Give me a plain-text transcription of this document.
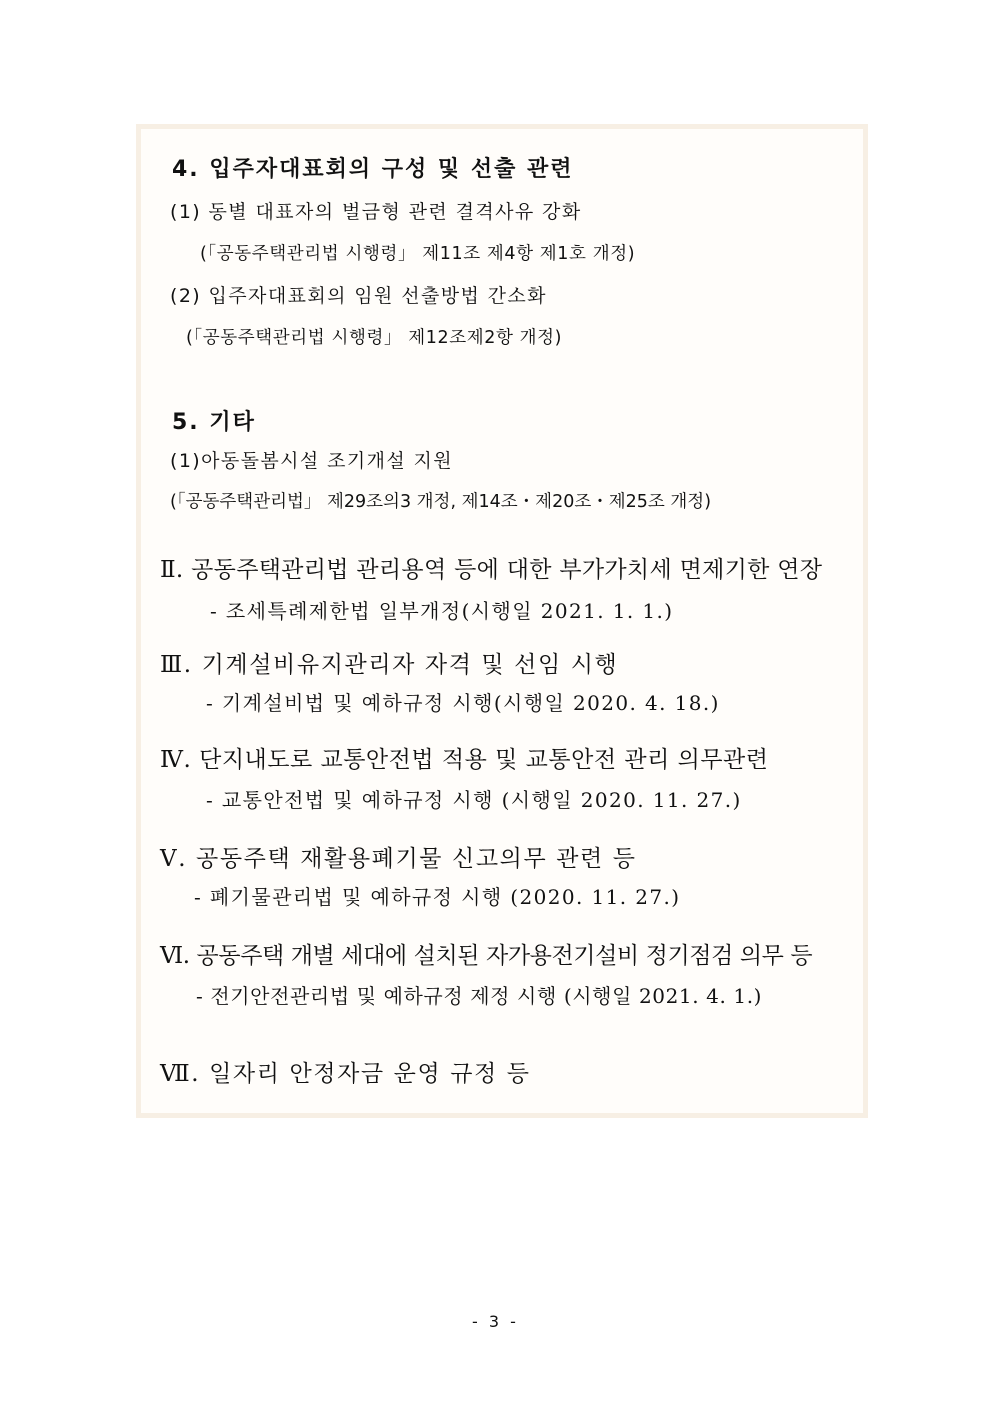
4. 입주자대표회의 구성 및 선출 관련
(1) 동별 대표자의 벌금형 관련 결격사유 강화
(「공동주택관리법 시행령」 제11조 제4항 제1호 개정)
(2) 입주자대표회의 임원 선출방법 간소화
(「공동주택관리법 시행령」 제12조제2항 개정)
5. 기타
(1)아동돌봄시설 조기개설 지원
(「공동주택관리법」 제29조의3 개정, 제14조・제20조・제25조 개정)
Ⅱ. 공동주택관리법 관리용역 등에 대한 부가가치세 면제기한 연장
- 조세특례제한법 일부개정(시행일 2021. 1. 1.)
Ⅲ. 기계설비유지관리자 자격 및 선임 시행
- 기계설비법 및 예하규정 시행(시행일 2020. 4. 18.)
Ⅳ. 단지내도로 교통안전법 적용 및 교통안전 관리 의무관련
- 교통안전법 및 예하규정 시행 (시행일 2020. 11. 27.)
Ⅴ. 공동주택 재활용폐기물 신고의무 관련 등
- 폐기물관리법 및 예하규정 시행 (2020. 11. 27.)
Ⅵ. 공동주택 개별 세대에 설치된 자가용전기설비 정기점검 의무 등
- 전기안전관리법 및 예하규정 제정 시행 (시행일 2021. 4. 1.)
Ⅶ. 일자리 안정자금 운영 규정 등
- 3 -
